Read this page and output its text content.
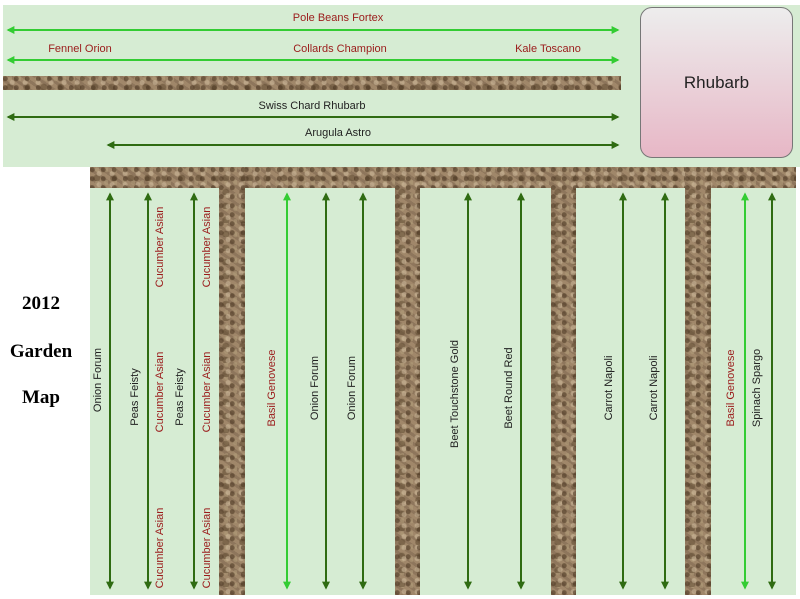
Rhubarb
2012
Garden
Map
Pole Beans Fortex
Fennel Orion	Collards Champion	Kale Toscano
Swiss Chard Rhubarb
Arugula Astro
Onion Forum Peas Feisty
Cucumber Asian
Cucumber Asian
Cucumber Asian
Peas Feisty
Cucumber Asian
Cucumber Asian
Cucumber Asian
Basil Genovese	Onion Forum Onion Forum	Beet Touchstone Gold	Beet Round Red	Carrot Napoli	Carrot Napoli	Basil Genovese Spinach Spargo
